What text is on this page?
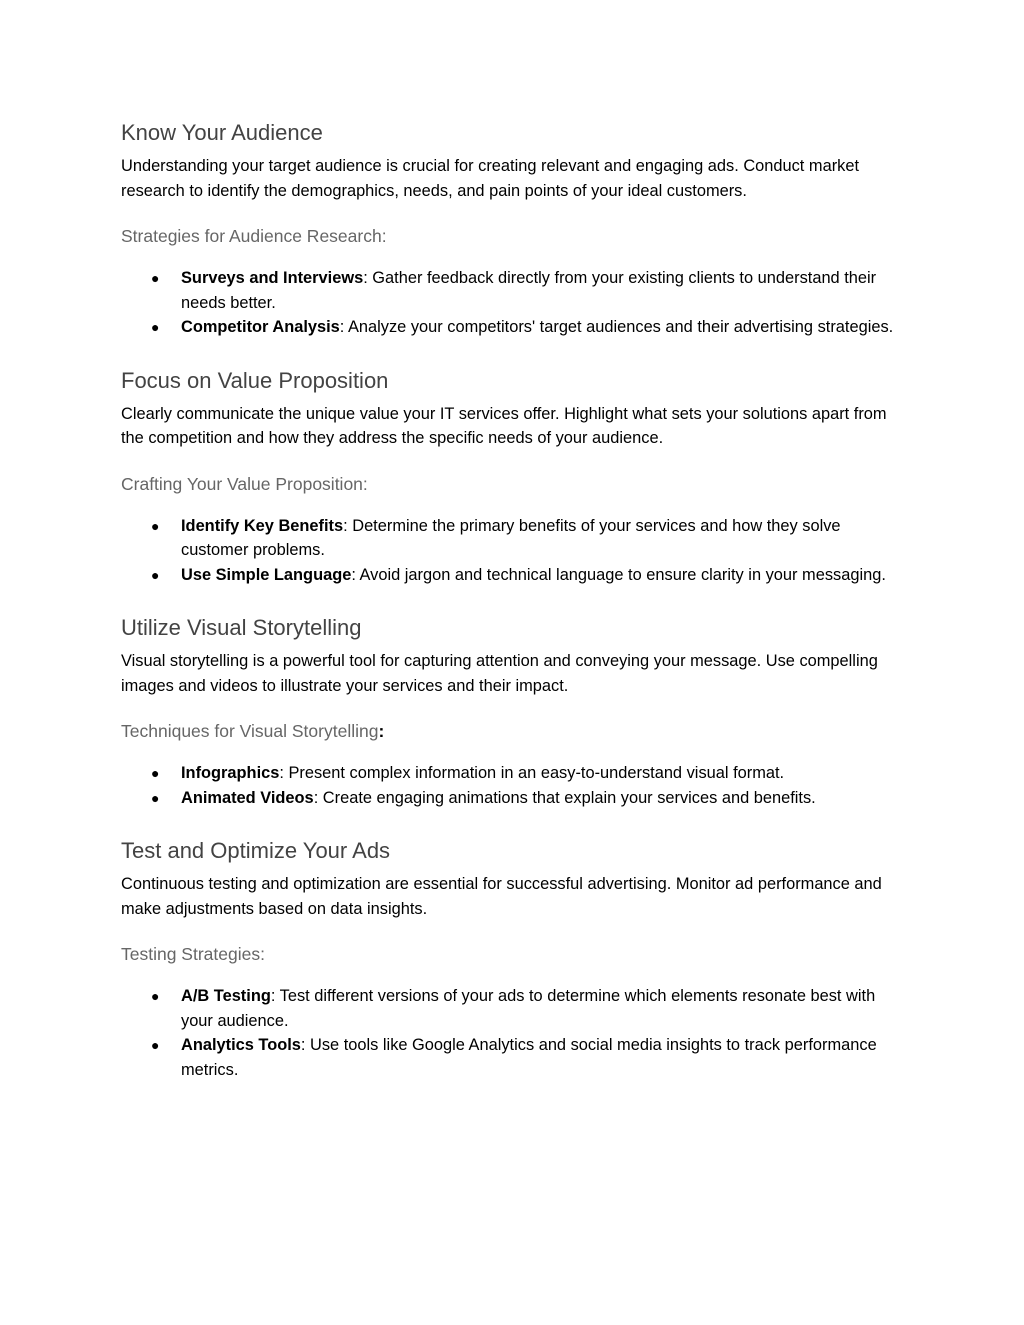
Know Your Audience

Understanding your target audience is crucial for creating relevant and engaging ads. Conduct market research to identify the demographics, needs, and pain points of your ideal customers.

Strategies for Audience Research:
● Surveys and Interviews: Gather feedback directly from your existing clients to understand their needs better.
● Competitor Analysis: Analyze your competitors' target audiences and their advertising strategies.
Focus on Value Proposition

Clearly communicate the unique value your IT services offer. Highlight what sets your solutions apart from the competition and how they address the specific needs of your audience.

Crafting Your Value Proposition:
● Identify Key Benefits: Determine the primary benefits of your services and how they solve customer problems.
● Use Simple Language: Avoid jargon and technical language to ensure clarity in your messaging.
Utilize Visual Storytelling

Visual storytelling is a powerful tool for capturing attention and conveying your message. Use compelling images and videos to illustrate your services and their impact.

Techniques for Visual Storytelling:
● Infographics: Present complex information in an easy-to-understand visual format.
● Animated Videos: Create engaging animations that explain your services and benefits.
Test and Optimize Your Ads

Continuous testing and optimization are essential for successful advertising. Monitor ad performance and make adjustments based on data insights.

Testing Strategies:
● A/B Testing: Test different versions of your ads to determine which elements resonate best with your audience.
● Analytics Tools: Use tools like Google Analytics and social media insights to track performance metrics.
